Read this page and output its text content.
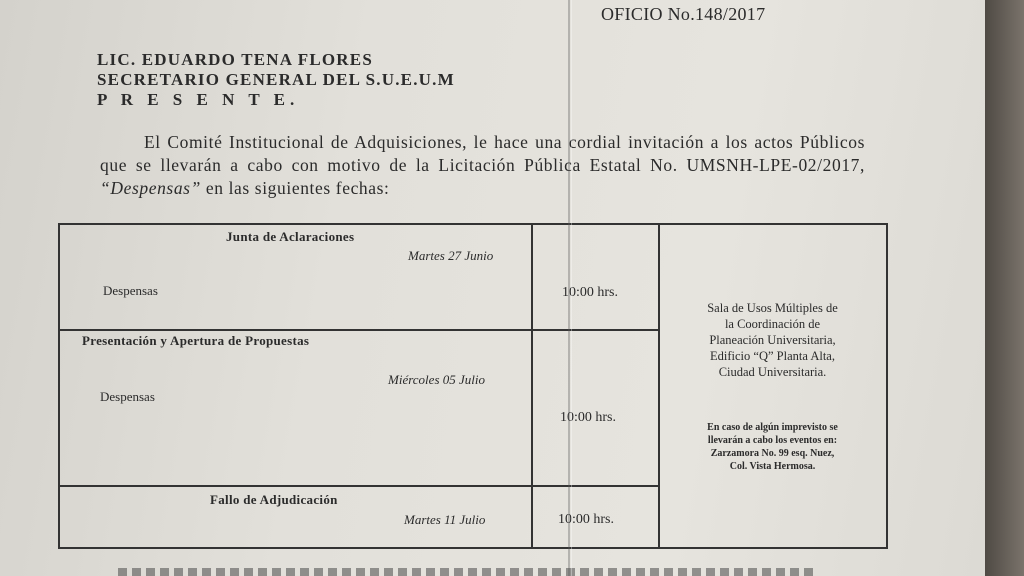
OFICIO No.148/2017
LIC. EDUARDO TENA FLORES
SECRETARIO GENERAL DEL S.U.E.U.M
P R E S E N T E.

El Comité Institucional de Adquisiciones, le hace una cordial invitación a los actos Públicos que se llevarán a cabo con motivo de la Licitación Pública Estatal No. UMSNH-LPE-02/2017, “Despensas” en las siguientes fechas:

Junta de Aclaraciones
Martes 27 Junio
Despensas	10:00 hrs.
Presentación y Apertura de Propuestas
Miércoles 05 Julio
Despensas
10:00 hrs.
Fallo de Adjudicación
Martes 11 Julio	10:00 hrs.
Sala de Usos Múltiples de
la Coordinación de
Planeación Universitaria,
Edificio “Q” Planta Alta,
Ciudad Universitaria.
En caso de algún imprevisto se
llevarán a cabo los eventos en:
Zarzamora No. 99 esq. Nuez,
Col. Vista Hermosa.
